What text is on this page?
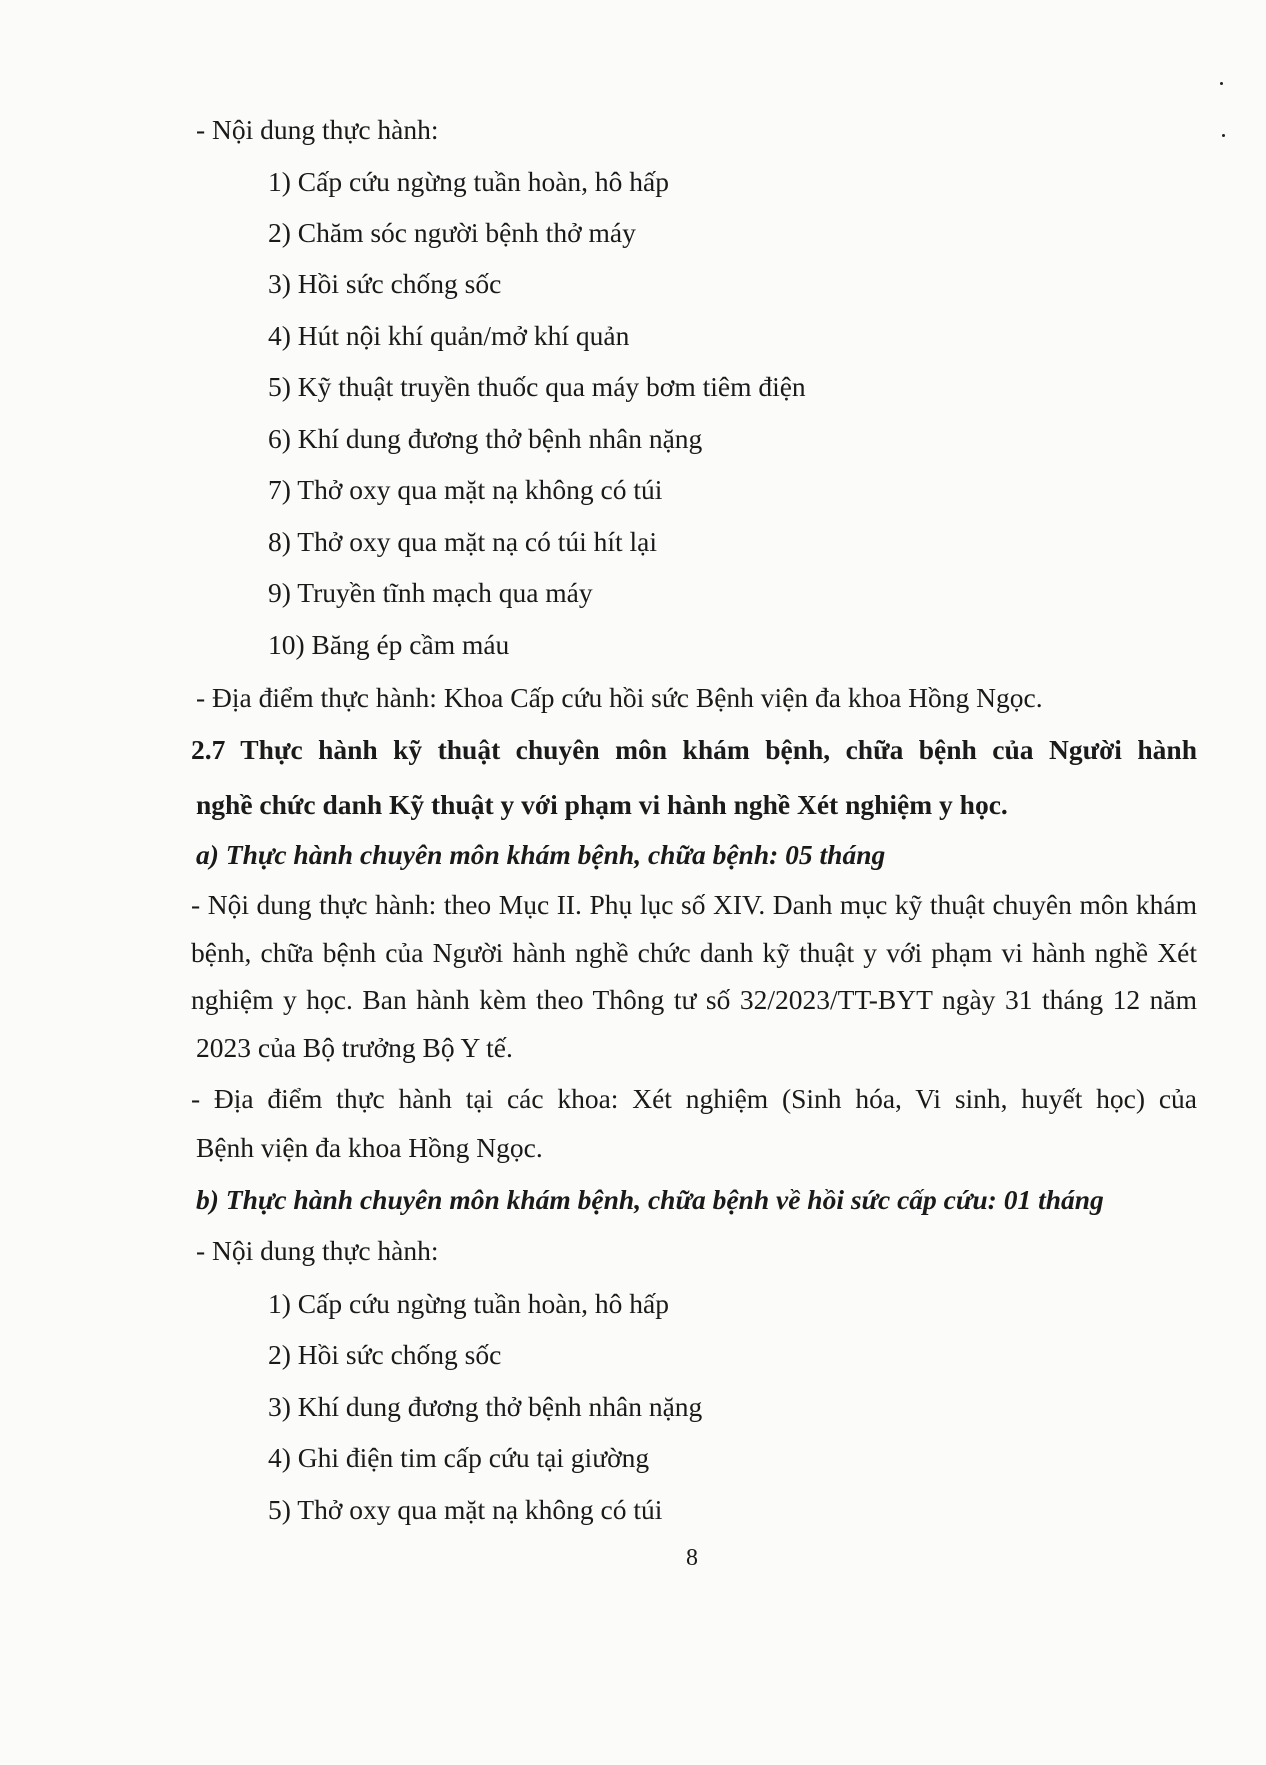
- Nội dung thực hành:
1) Cấp cứu ngừng tuần hoàn, hô hấp
2) Chăm sóc người bệnh thở máy
3) Hồi sức chống sốc
4) Hút nội khí quản/mở khí quản
5) Kỹ thuật truyền thuốc qua máy bơm tiêm điện
6) Khí dung đương thở bệnh nhân nặng
7) Thở oxy qua mặt nạ không có túi
8) Thở oxy qua mặt nạ có túi hít lại
9) Truyền tĩnh mạch qua máy
10) Băng ép cầm máu
- Địa điểm thực hành: Khoa Cấp cứu hồi sức Bệnh viện đa khoa Hồng Ngọc.
2.7 Thực hành kỹ thuật chuyên môn khám bệnh, chữa bệnh của Người hành
nghề chức danh Kỹ thuật y với phạm vi hành nghề Xét nghiệm y học.
a) Thực hành chuyên môn khám bệnh, chữa bệnh: 05 tháng
- Nội dung thực hành: theo Mục II. Phụ lục số XIV. Danh mục kỹ thuật chuyên môn khám
bệnh, chữa bệnh của Người hành nghề chức danh kỹ thuật y với phạm vi hành nghề Xét
nghiệm y học. Ban hành kèm theo Thông tư số 32/2023/TT-BYT ngày 31 tháng 12 năm
2023 của Bộ trưởng Bộ Y tế.
- Địa điểm thực hành tại các khoa: Xét nghiệm (Sinh hóa, Vi sinh, huyết học) của
Bệnh viện đa khoa Hồng Ngọc.
b) Thực hành chuyên môn khám bệnh, chữa bệnh về hồi sức cấp cứu: 01 tháng
- Nội dung thực hành:
1) Cấp cứu ngừng tuần hoàn, hô hấp
2) Hồi sức chống sốc
3) Khí dung đương thở bệnh nhân nặng
4) Ghi điện tim cấp cứu tại giường
5) Thở oxy qua mặt nạ không có túi
8
